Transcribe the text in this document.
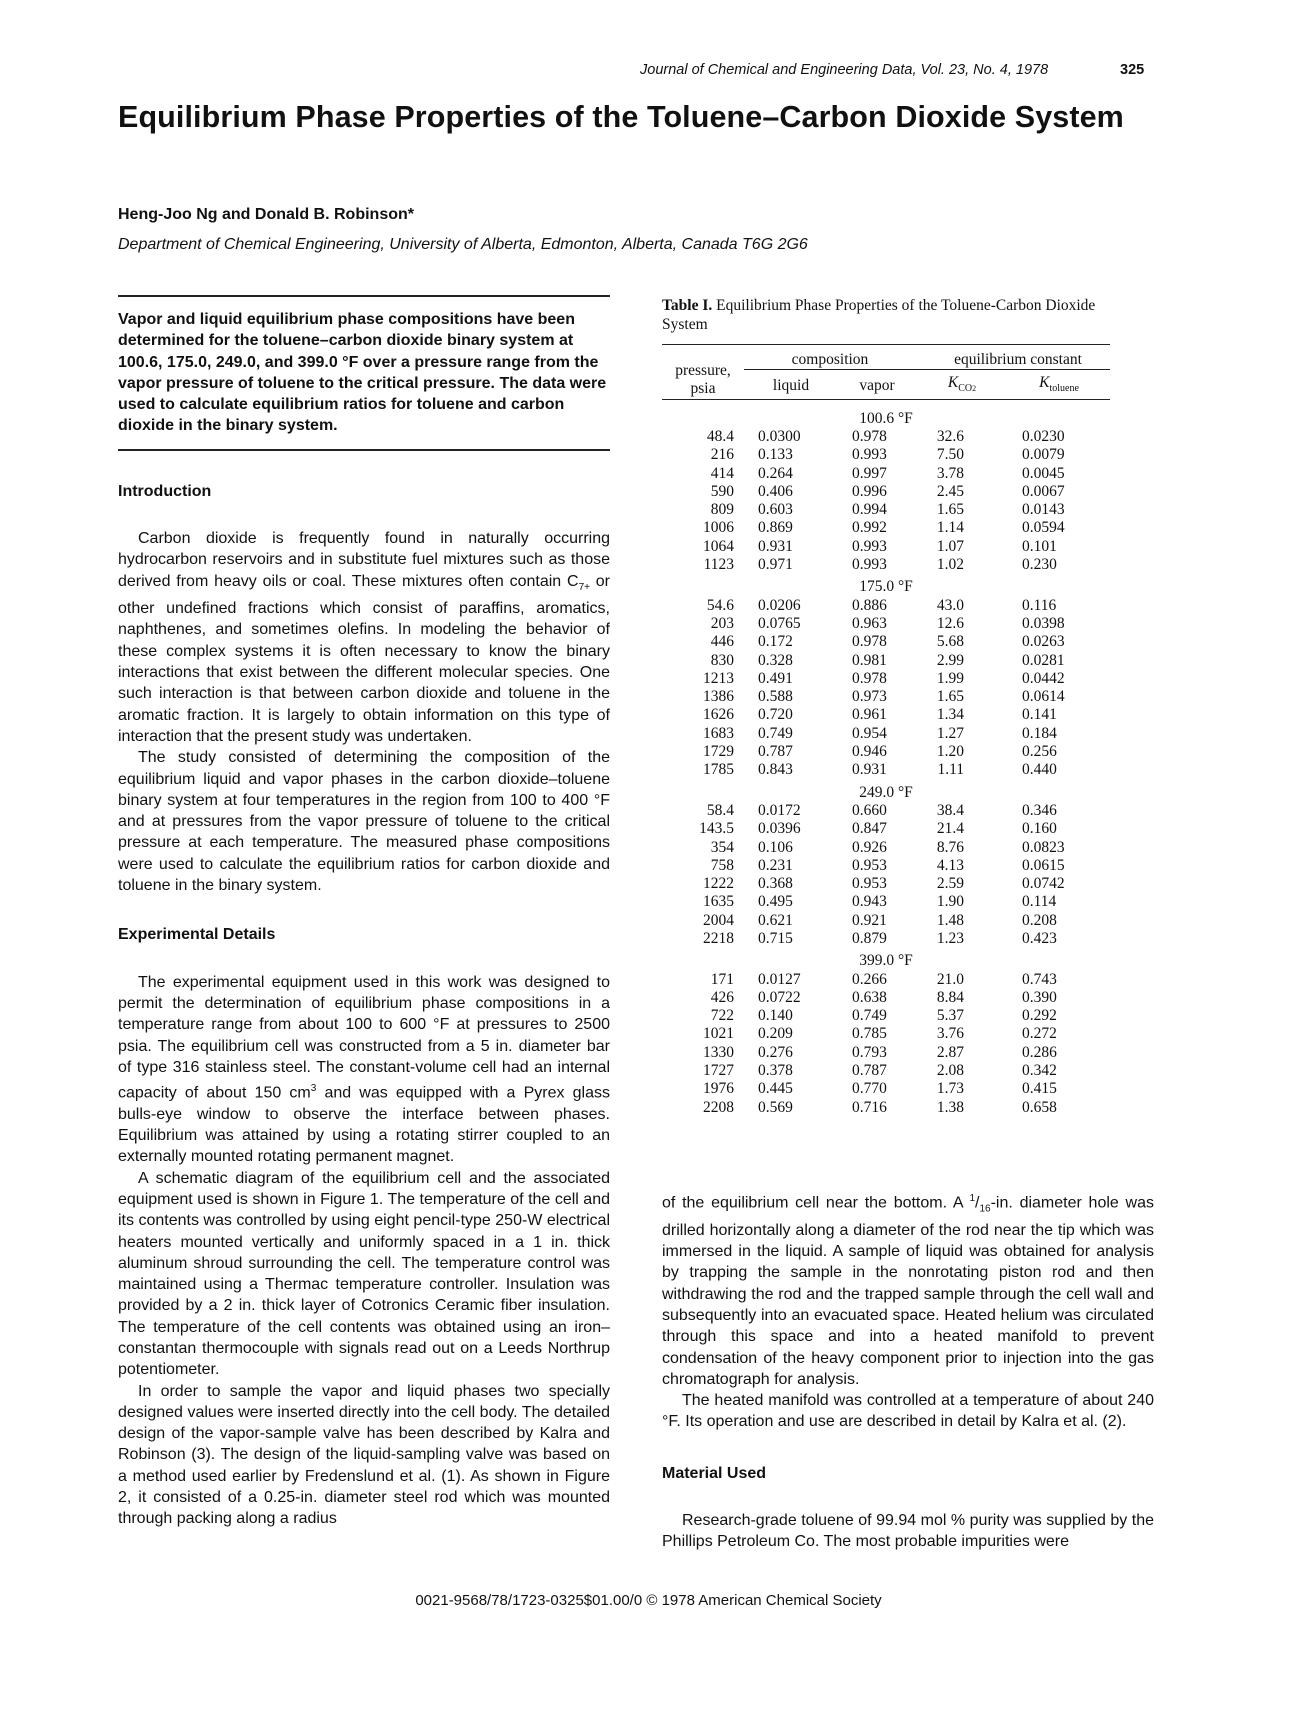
Journal of Chemical and Engineering Data, Vol. 23, No. 4, 1978	325
Equilibrium Phase Properties of the Toluene–Carbon Dioxide System
Heng-Joo Ng and Donald B. Robinson*
Department of Chemical Engineering, University of Alberta, Edmonton, Alberta, Canada T6G 2G6
Vapor and liquid equilibrium phase compositions have been determined for the toluene–carbon dioxide binary system at 100.6, 175.0, 249.0, and 399.0 °F over a pressure range from the vapor pressure of toluene to the critical pressure. The data were used to calculate equilibrium ratios for toluene and carbon dioxide in the binary system.
Introduction

Carbon dioxide is frequently found in naturally occurring hydrocarbon reservoirs and in substitute fuel mixtures such as those derived from heavy oils or coal. These mixtures often contain $C_{7+}$ or other undefined fractions which consist of paraffins, aromatics, naphthenes, and sometimes olefins. In modeling the behavior of these complex systems it is often necessary to know the binary interactions that exist between the different molecular species. One such interaction is that between carbon dioxide and toluene in the aromatic fraction. It is largely to obtain information on this type of interaction that the present study was undertaken.

The study consisted of determining the composition of the equilibrium liquid and vapor phases in the carbon dioxide–toluene binary system at four temperatures in the region from 100 to 400 °F and at pressures from the vapor pressure of toluene to the critical pressure at each temperature. The measured phase compositions were used to calculate the equilibrium ratios for carbon dioxide and toluene in the binary system.

Experimental Details

The experimental equipment used in this work was designed to permit the determination of equilibrium phase compositions in a temperature range from about 100 to 600 °F at pressures to 2500 psia. The equilibrium cell was constructed from a 5 in. diameter bar of type 316 stainless steel. The constant-volume cell had an internal capacity of about 150 $cm^3$ and was equipped with a Pyrex glass bulls-eye window to observe the interface between phases. Equilibrium was attained by using a rotating stirrer coupled to an externally mounted rotating permanent magnet.

A schematic diagram of the equilibrium cell and the associated equipment used is shown in Figure 1. The temperature of the cell and its contents was controlled by using eight pencil-type 250-W electrical heaters mounted vertically and uniformly spaced in a 1 in. thick aluminum shroud surrounding the cell. The temperature control was maintained using a Thermac temperature controller. Insulation was provided by a 2 in. thick layer of Cotronics Ceramic fiber insulation. The temperature of the cell contents was obtained using an iron–constantan thermocouple with signals read out on a Leeds Northrup potentiometer.

In order to sample the vapor and liquid phases two specially designed values were inserted directly into the cell body. The detailed design of the vapor-sample valve has been described by Kalra and Robinson (3). The design of the liquid-sampling valve was based on a method used earlier by Fredenslund et al. (1). As shown in Figure 2, it consisted of a 0.25-in. diameter steel rod which was mounted through packing along a radius

Table I. Equilibrium Phase Properties of the Toluene-Carbon Dioxide System

pressure,
psia	composition		equilibrium constant	
	liquid	vapor	$K_{CO2}$	$K_{toluene}$

100.6 °F				
48.4	0.0300	0.978	32.6	0.0230
216	0.133	0.993	7.50	0.0079
414	0.264	0.997	3.78	0.0045
590	0.406	0.996	2.45	0.0067
809	0.603	0.994	1.65	0.0143
1006	0.869	0.992	1.14	0.0594
1064	0.931	0.993	1.07	0.101
1123	0.971	0.993	1.02	0.230
175.0 °F				
54.6	0.0206	0.886	43.0	0.116
203	0.0765	0.963	12.6	0.0398
446	0.172	0.978	5.68	0.0263
830	0.328	0.981	2.99	0.0281
1213	0.491	0.978	1.99	0.0442
1386	0.588	0.973	1.65	0.0614
1626	0.720	0.961	1.34	0.141
1683	0.749	0.954	1.27	0.184
1729	0.787	0.946	1.20	0.256
1785	0.843	0.931	1.11	0.440
249.0 °F				
58.4	0.0172	0.660	38.4	0.346
143.5	0.0396	0.847	21.4	0.160
354	0.106	0.926	8.76	0.0823
758	0.231	0.953	4.13	0.0615
1222	0.368	0.953	2.59	0.0742
1635	0.495	0.943	1.90	0.114
2004	0.621	0.921	1.48	0.208
2218	0.715	0.879	1.23	0.423
399.0 °F				
171	0.0127	0.266	21.0	0.743
426	0.0722	0.638	8.84	0.390
722	0.140	0.749	5.37	0.292
1021	0.209	0.785	3.76	0.272
1330	0.276	0.793	2.87	0.286
1727	0.378	0.787	2.08	0.342
1976	0.445	0.770	1.73	0.415
2208	0.569	0.716	1.38	0.658

of the equilibrium cell near the bottom. A $^1/_{16}-in$. diameter hole was drilled horizontally along a diameter of the rod near the tip which was immersed in the liquid. A sample of liquid was obtained for analysis by trapping the sample in the nonrotating piston rod and then withdrawing the rod and the trapped sample through the cell wall and subsequently into an evacuated space. Heated helium was circulated through this space and into a heated manifold to prevent condensation of the heavy component prior to injection into the gas chromatograph for analysis.

The heated manifold was controlled at a temperature of about 240 °F. Its operation and use are described in detail by Kalra et al. (2).

Material Used

Research-grade toluene of 99.94 mol % purity was supplied by the Phillips Petroleum Co. The most probable impurities were

0021-9568/78/1723-0325$01.00/0 © 1978 American Chemical Society
